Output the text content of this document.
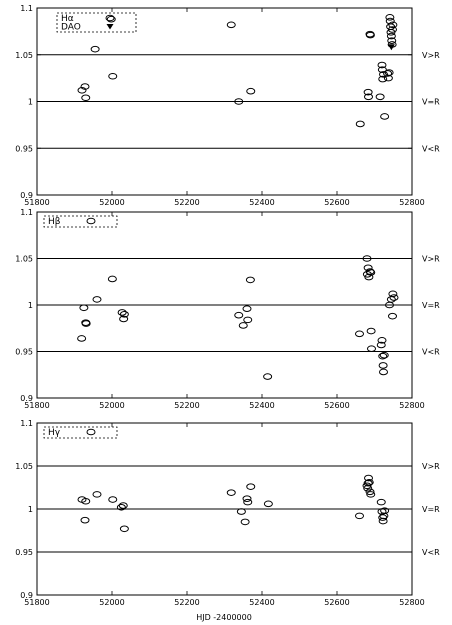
V>R
V=R
V<R
51800	52000	52200	52400	52600	52800
0.9
0.95
1
1.05
1.1
Hα
DAO
V>R
V=R
V<R
51800	52000	52200	52400	52600	52800
0.9
0.95
1
1.05
1.1
Hβ
V>R
V=R
V<R
51800	52000	52200	52400	52600	52800
0.9
0.95
1
1.05
1.1
Hγ
HJD -2400000
